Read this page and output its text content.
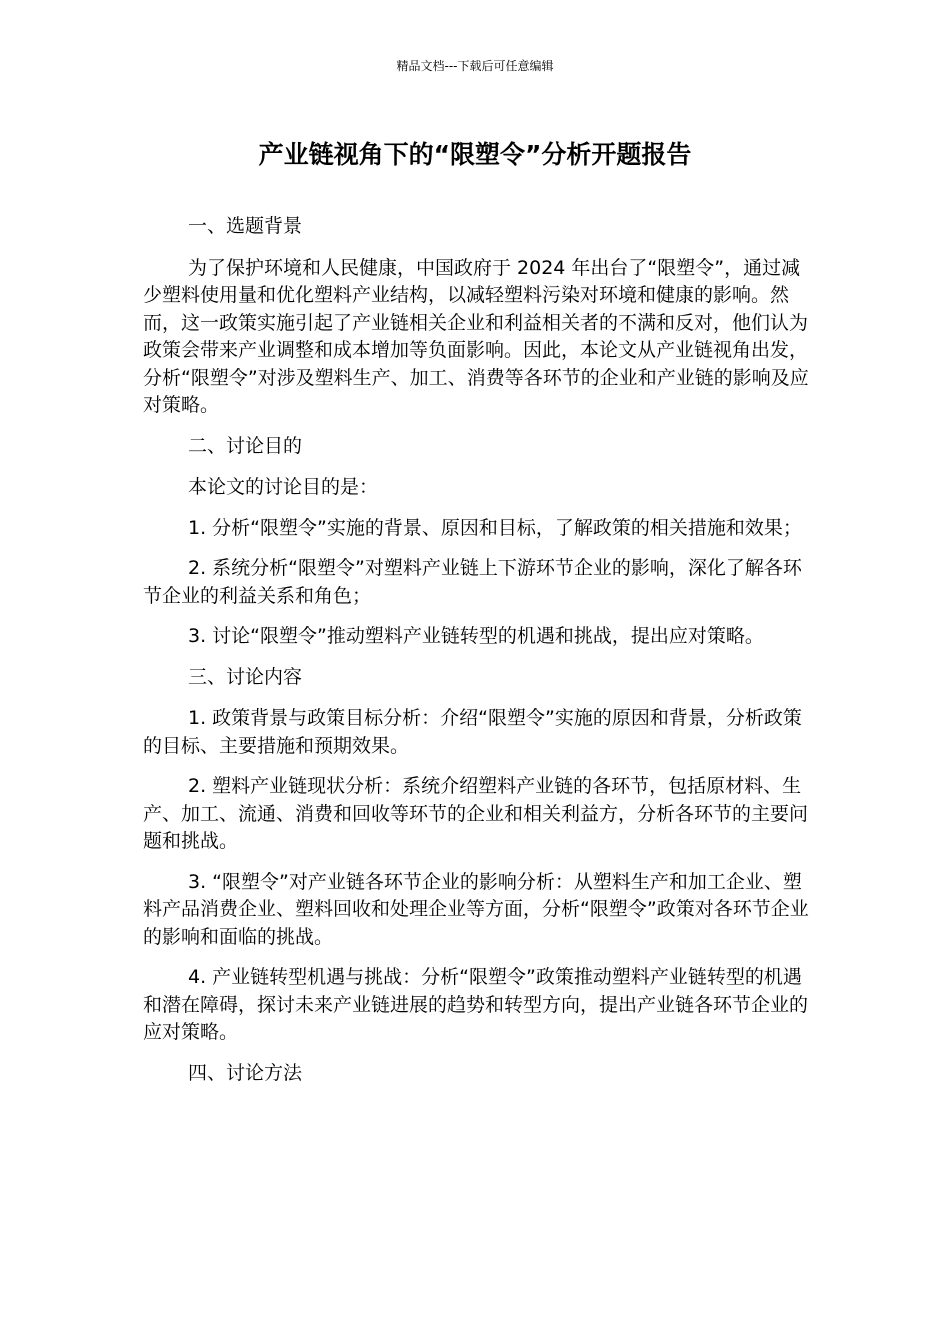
精品文档---下载后可任意编辑
产业链视角下的“限塑令”分析开题报告

一、选题背景

为了保护环境和人民健康，中国政府于 2024 年出台了“限塑令”，通过减少塑料使用量和优化塑料产业结构，以减轻塑料污染对环境和健康的影响。然而，这一政策实施引起了产业链相关企业和利益相关者的不满和反对，他们认为政策会带来产业调整和成本增加等负面影响。因此，本论文从产业链视角出发，分析“限塑令”对涉及塑料生产、加工、消费等各环节的企业和产业链的影响及应对策略。

二、讨论目的

本论文的讨论目的是：

1. 分析“限塑令”实施的背景、原因和目标，了解政策的相关措施和效果；

2. 系统分析“限塑令”对塑料产业链上下游环节企业的影响，深化了解各环节企业的利益关系和角色；

3. 讨论“限塑令”推动塑料产业链转型的机遇和挑战，提出应对策略。

三、讨论内容

1. 政策背景与政策目标分析：介绍“限塑令”实施的原因和背景，分析政策的目标、主要措施和预期效果。

2. 塑料产业链现状分析：系统介绍塑料产业链的各环节，包括原材料、生产、加工、流通、消费和回收等环节的企业和相关利益方，分析各环节的主要问题和挑战。

3. “限塑令”对产业链各环节企业的影响分析：从塑料生产和加工企业、塑料产品消费企业、塑料回收和处理企业等方面，分析“限塑令”政策对各环节企业的影响和面临的挑战。

4. 产业链转型机遇与挑战：分析“限塑令”政策推动塑料产业链转型的机遇和潜在障碍，探讨未来产业链进展的趋势和转型方向，提出产业链各环节企业的应对策略。

四、讨论方法
